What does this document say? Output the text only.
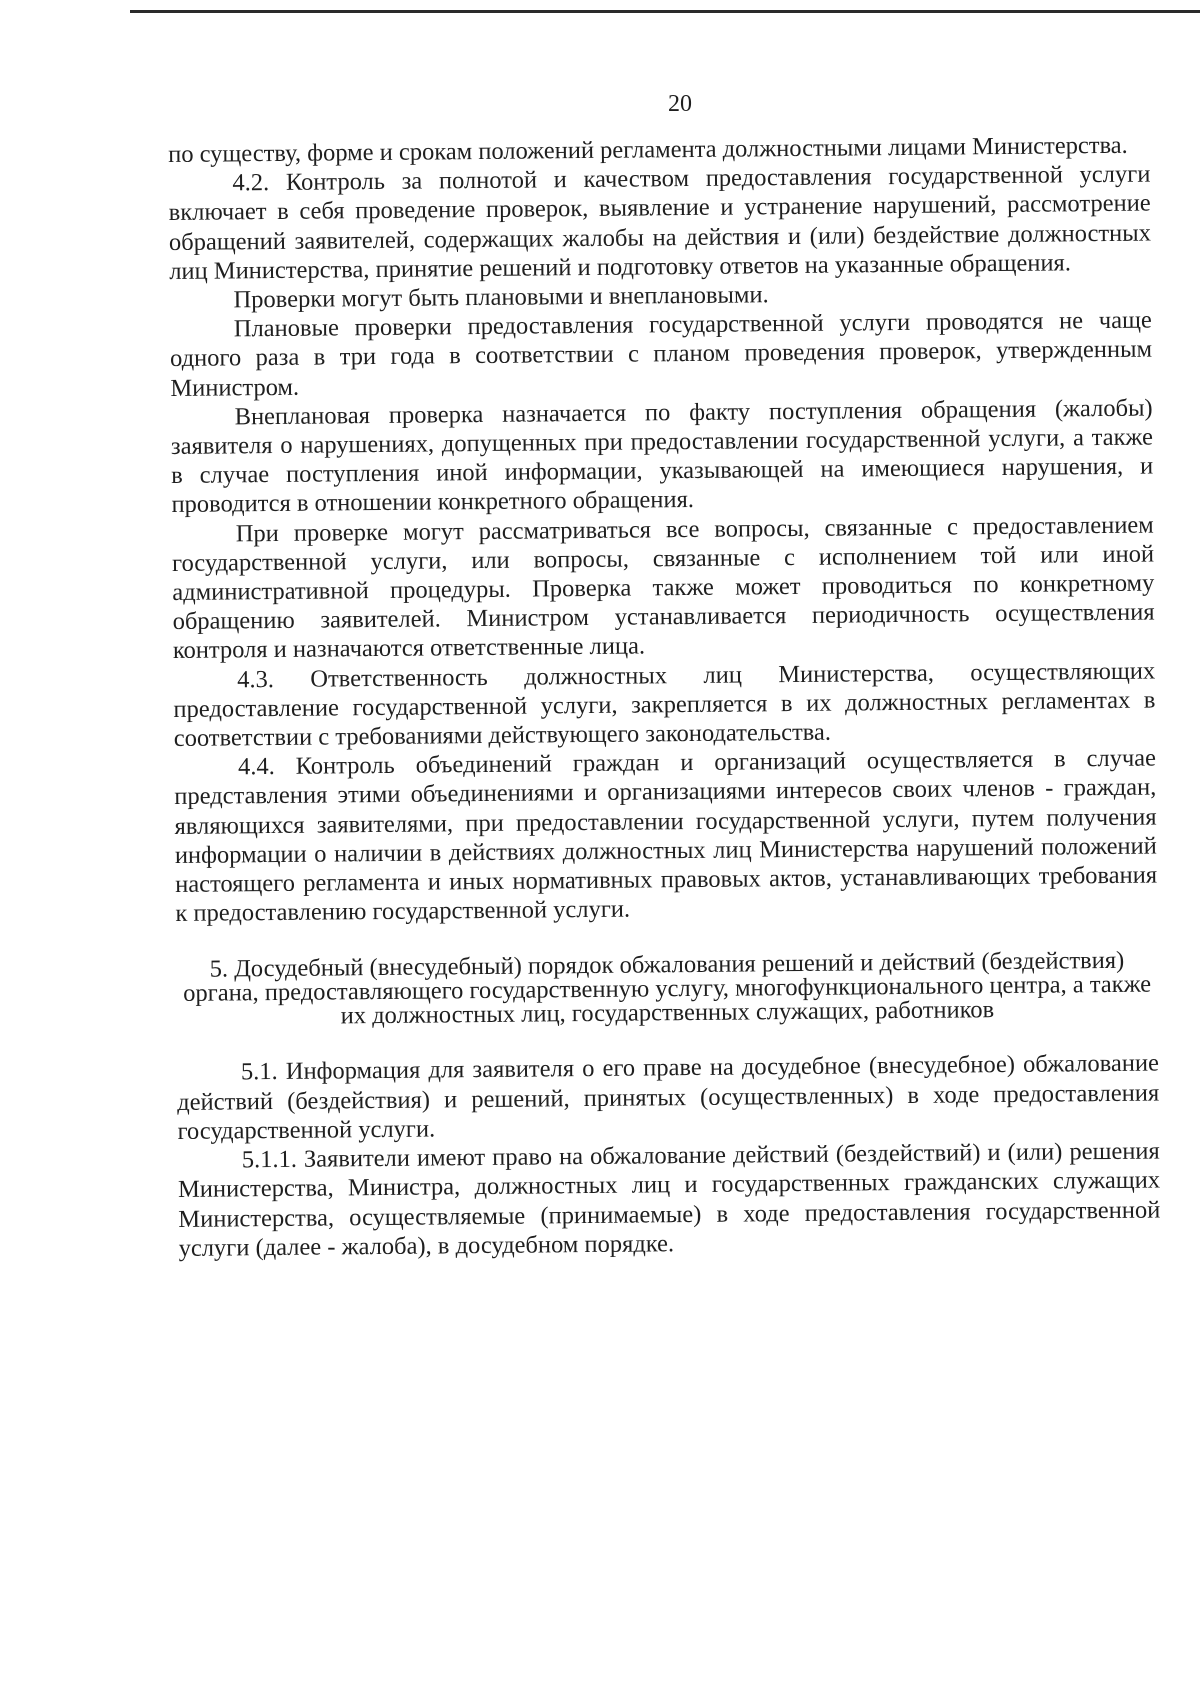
20

по существу, форме и срокам положений регламента должностными лицами Министерства.

4.2. Контроль за полнотой и качеством предоставления государственной услуги включает в себя проведение проверок, выявление и устранение нарушений, рассмотрение обращений заявителей, содержащих жалобы на действия и (или) бездействие должностных лиц Министерства, принятие решений и подготовку ответов на указанные обращения.

Проверки могут быть плановыми и внеплановыми.

Плановые проверки предоставления государственной услуги проводятся не чаще одного раза в три года в соответствии с планом проведения проверок, утвержденным Министром.

Внеплановая проверка назначается по факту поступления обращения (жалобы) заявителя о нарушениях, допущенных при предоставлении государственной услуги, а также в случае поступления иной информации, указывающей на имеющиеся нарушения, и проводится в отношении конкретного обращения.

При проверке могут рассматриваться все вопросы, связанные с предоставлением государственной услуги, или вопросы, связанные с исполнением той или иной административной процедуры. Проверка также может проводиться по конкретному обращению заявителей. Министром устанавливается периодичность осуществления контроля и назначаются ответственные лица.

4.3. Ответственность должностных лиц Министерства, осуществляющих предоставление государственной услуги, закрепляется в их должностных регламентах в соответствии с требованиями действующего законодательства.

4.4. Контроль объединений граждан и организаций осуществляется в случае представления этими объединениями и организациями интересов своих членов - граждан, являющихся заявителями, при предоставлении государственной услуги, путем получения информации о наличии в действиях должностных лиц Министерства нарушений положений настоящего регламента и иных нормативных правовых актов, устанавливающих требования к предоставлению государственной услуги.

5. Досудебный (внесудебный) порядок обжалования решений и действий (бездействия) органа, предоставляющего государственную услугу, многофункционального центра, а также их должностных лиц, государственных служащих, работников

5.1. Информация для заявителя о его праве на досудебное (внесудебное) обжалование действий (бездействия) и решений, принятых (осуществленных) в ходе предоставления государственной услуги.

5.1.1. Заявители имеют право на обжалование действий (бездействий) и (или) решения Министерства, Министра, должностных лиц и государственных гражданских служащих Министерства, осуществляемые (принимаемые) в ходе предоставления государственной услуги (далее - жалоба), в досудебном порядке.
